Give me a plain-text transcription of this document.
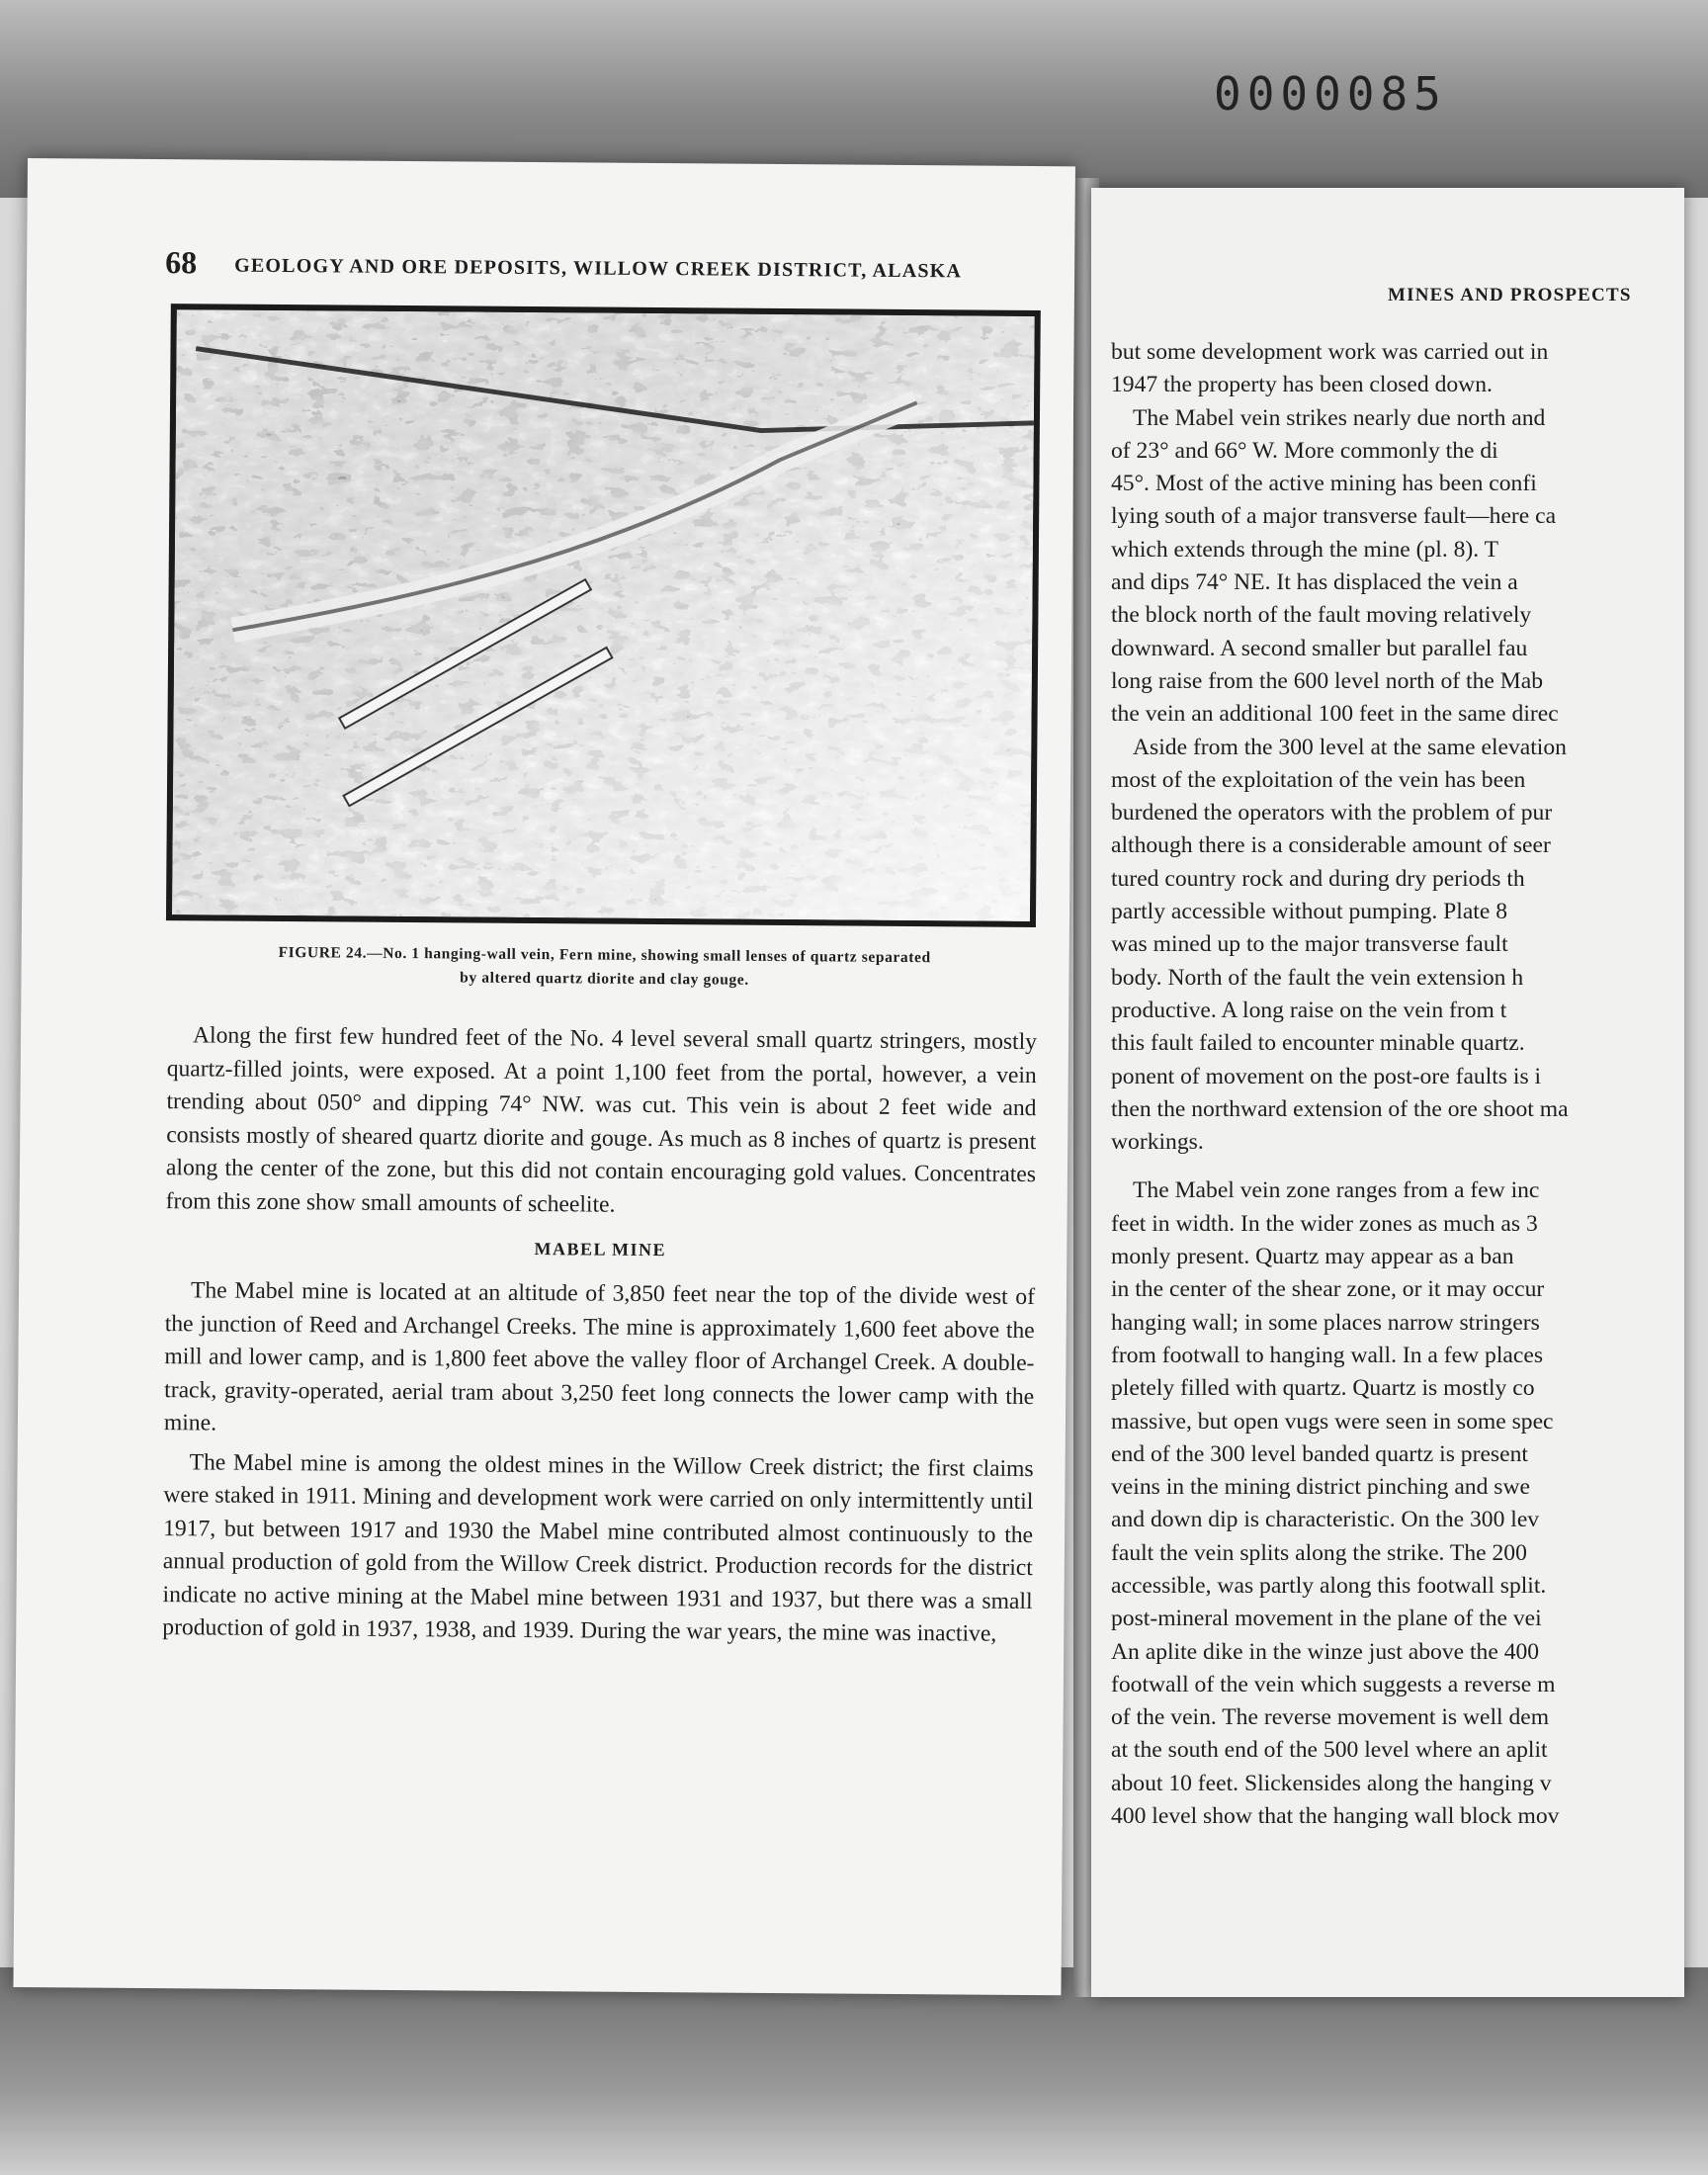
0000085
68 GEOLOGY AND ORE DEPOSITS, WILLOW CREEK DISTRICT, ALASKA
FIGURE 24.—No. 1 hanging-wall vein, Fern mine, showing small lenses of quartz separated
by altered quartz diorite and clay gouge.

Along the first few hundred feet of the No. 4 level several small quartz stringers, mostly quartz-filled joints, were exposed. At a point 1,100 feet from the portal, however, a vein trending about 050° and dipping 74° NW. was cut. This vein is about 2 feet wide and consists mostly of sheared quartz diorite and gouge. As much as 8 inches of quartz is present along the center of the zone, but this did not contain encouraging gold values. Concentrates from this zone show small amounts of scheelite.

MABEL MINE

The Mabel mine is located at an altitude of 3,850 feet near the top of the divide west of the junction of Reed and Archangel Creeks. The mine is approximately 1,600 feet above the mill and lower camp, and is 1,800 feet above the valley floor of Archangel Creek. A double-track, gravity-operated, aerial tram about 3,250 feet long connects the lower camp with the mine.

The Mabel mine is among the oldest mines in the Willow Creek district; the first claims were staked in 1911. Mining and development work were carried on only intermittently until 1917, but between 1917 and 1930 the Mabel mine contributed almost continuously to the annual production of gold from the Willow Creek district. Production records for the district indicate no active mining at the Mabel mine between 1931 and 1937, but there was a small production of gold in 1937, 1938, and 1939. During the war years, the mine was inactive,

MINES AND PROSPECTS

but some development work was carried out in

1947 the property has been closed down.

The Mabel vein strikes nearly due north and

of 23° and 66° W. More commonly the di

45°. Most of the active mining has been confi

lying south of a major transverse fault—here ca

which extends through the mine (pl. 8). T

and dips 74° NE. It has displaced the vein a

the block north of the fault moving relatively

downward. A second smaller but parallel fau

long raise from the 600 level north of the Mab

the vein an additional 100 feet in the same direc

Aside from the 300 level at the same elevation

most of the exploitation of the vein has been

burdened the operators with the problem of pur

although there is a considerable amount of seer

tured country rock and during dry periods th

partly accessible without pumping. Plate 8

was mined up to the major transverse fault

body. North of the fault the vein extension h

productive. A long raise on the vein from t

this fault failed to encounter minable quartz.

ponent of movement on the post-ore faults is i

then the northward extension of the ore shoot ma

workings.

The Mabel vein zone ranges from a few inc

feet in width. In the wider zones as much as 3

monly present. Quartz may appear as a ban

in the center of the shear zone, or it may occur

hanging wall; in some places narrow stringers

from footwall to hanging wall. In a few places

pletely filled with quartz. Quartz is mostly co

massive, but open vugs were seen in some spec

end of the 300 level banded quartz is present

veins in the mining district pinching and swe

and down dip is characteristic. On the 300 lev

fault the vein splits along the strike. The 200

accessible, was partly along this footwall split.

post-mineral movement in the plane of the vei

An aplite dike in the winze just above the 400

footwall of the vein which suggests a reverse m

of the vein. The reverse movement is well dem

at the south end of the 500 level where an aplit

about 10 feet. Slickensides along the hanging v

400 level show that the hanging wall block mov
